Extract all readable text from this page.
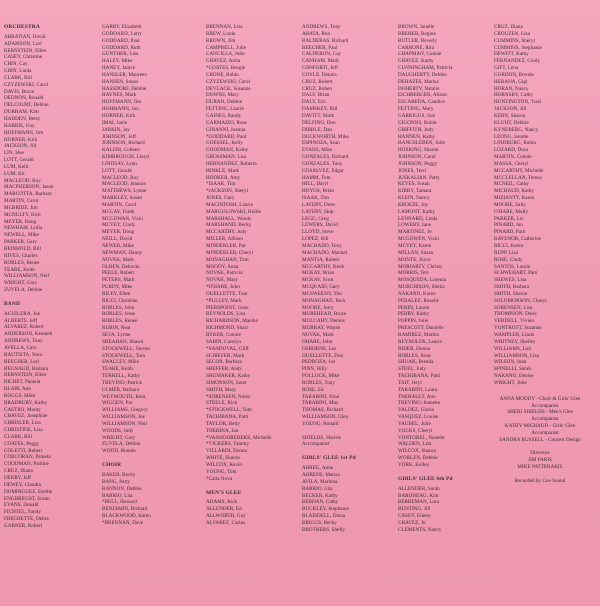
ORCHESTRA
ABBATIAN, David
ADAMSON, Lori
BERNSTEIN, Ellen
CASEY, Christine
CHIN, Cay
CHIN, Linda
CLARK, Bill
CZYZEWSKI, Carol
DAVIS, Bruce
DEDNON, Ronald
DELCOURT, Debbie
DURHAM, Kim
HADDEN, Betsy
HARRIS, Guy
HOFFMANN, Jim
HORNER, Kirk
JACKSON, Jill
LIN, Hue
LOTT, Gerald
LUM, Kelli
LUM, Kit
MACLEOD, Roy
MACPHERSON, Jason
MARCOTTA, Barbara
MARTIN, Carol
MCBRIDE, Jim
MCNULTY, Rick
MEYER, Doug
NEWHAM, Lydia
NEWELL, Mike
PARKER, Gary
REINHOLD, Bill
RIVES, Charles
ROBLES, Renee
TEARE, Keith
WILLIAMSON, Neil
WRIGHT, Gary
ZUVELA, Debbie
BAND
AGUILERA, Joe
ALBERTS, Jeff
ALVAREZ, Robert
ANDERSON, Kenneth
ANDREWS, Tony
AVELLA, Cary
BAUTISTA, Nora
BEECHER, Lori
BEGNAUD, Barbara
BERNSTEIN, Ellen
BICHET, Pamela
BLAIR, Ann
BOGGS, Mike
BRADBURY, Kathy
CASTRO, Monty
CHAVEZ, Josephine
CHRISLER, Lisa
CHRISTINE, Lisa
CLARK, Bill
COATES, Peggy
COLETTI, Robert
CORCORAN, Pamela
COODMAN, Pauline
CRUZ, Diana
DERRY, Jeff
DEWEY, Claudia
DOMINGUEZ, Estelle
ENGBRECHT, Susan
EVANS, Donald
FICHTEL, Sandy
FRECHETTE, Debra
GARNER, Robert
GARRY, Elizabeth
GODDARD, Larry
GODDARD, Paul
GODDARD, Ruth
GUNTHER, Lisa
HALEY, Mike
HANEY, Janice
HANSLER, Maureen
HANSEN, Susan
HASSDORF, Debbie
HAYNES, Mark
HOFFMANN, Jim
HOHMANN, Jon
HORNER, Kirk
IMAI, Janie
JARKIN, Jay
JOHNSON, Jeff
JOHNSON, Richard
KALISH, Colleen
KIMBROUGH, Lloyd
LINDSAY, Lynn
LOTT, Gerald
MACLEOD, Roy
MACLEOD, Jeannie
MATTHEWS, Lynne
MARKLEY, Susan
MARTIN, Carol
MCCAY, Frank
MCGOWAN, Vicki
MCVEY, Cindy
MEYER, Doug
NEILL, David
NEWER, Mike
NEWMAN, Danny
NOVAK, Mark
OLBEN, Deborah
PEELE, Robert
PETERS, Mark
PURDY, Mike
RILEY, Ellen
RICCI, Christine
ROBLES, John
ROBLES, Jesse
ROBLES, Renee
RUBIN, Neal
SEVA, Lynne
SHEAHAN, Shawn
STOCKWELL, Steven
STOCKWELL, Tom
SWALLEY, Mike
TEARE, Keith
TERRELL, Kathy
TREVINO, Patrick
ULMER, Barbara
WEYMOUTH, Kent
WIGGEN, Pat
WILLIAMS, Gregory
WILLIAMSON, Joe
WILLIAMSON, Neil
WOODS, Judy
WRIGHT, Gary
ZUVELA, Debbie
WOOD, Bonnie
CHOIR
BAKER, Becky
BANG, Patty
BANNON, Debbie
BARRIO, Lita
*BELL, Howard
BENJAMIN, Richard
BLACKWOOD, Karen
*BRENNAN, Dave
BRENNAN, Lisa
BREW, Linda
BROWN, Jim
CAMPBELL, Julie
CANCILLA, Julie
CHAVEZ, Anita
*COATES, Beegie
CRONE, Robin
CZYZEWSKI, Carol
DEVLACK, Susanne
DOWNS, Mary
DURAN, Debbie
FETTING, Laurie
GAINES, Randy
GARMAIZO, Rose
GINANNI, Joanna
*GODDARD, Paul
GOESSEL, Kelly
GOODMAN, Kathy
GROSSMAN, Lisa
HERNANDEZ, Roberta
HINKLE, Mark
HOOKER, Amy
*ISAAK, Tim
*JACKSON, Sheryl
JONES, Gary
MACINTOSH, Laurie
MARGULOWSKI, Hollie
MARSHALL, Wendy
MARSHAND, Becky
MCCARTHY, Judy
MILLER, Allison
MINDERLER, Pat
MINDERLER, Cheryl
MONAGHAN, Tom
MOODY, Anna
NOVAK, Patricia
NOVAK, Mary
*O'HARE, John
OUELLETTE, Tom
*PULLEY, Mark
PIERSPOINT, Gene
REYNOLDS, Lisa
RICHARDSON, Marsha
RICHMOND, Shari
RYKER, Connie
SABIN, Carolyn
*SANDOVAL, Cliff
SCHIEFER, Mark
SECOR, Barbara
SHEFFER, Andy
SHUMAKER, Kathy
SIMONSON, Janet
SMITH, Mary
*SORENSEN, Norm
STEELE, Rick
*STOCKWELL, Tom
TACHIBANA, Patti
TAYLOR, Betty
THERINA, Jan
*VANHOOREBEKE, Michelle
*VICKERS, Tammy
VILLARDI, Donna
WHITE, Sharon
WILCOX, Kevin
YOUNG, Tom
*Catia Nova
MEN'S GLEE
ADAMS, Rick
ALLENDER, Ed
ALLWORTH, Guy
ALVAREZ, Carlos
ANDREWS, Tony
ARATA, Ron
BALDERAS, Richard
BEECHER, Paul
CALDERON, Cay
CANHAM, Mark
CONFORTI, Jeff
COYLE, Dennis
CRUZ, Robert
CRUZ, Ruben
DALY, Brian
DALY, Eric
DAMSKEY, Bill
DAVITT, Mark
DELFINO, Don
DIBBLE, Dan
DUCKWORTH, Mike
ESPINOZA, Sean
EVANS, Mike
GONZALES, Richard
GONZALES, Tony
GOSALVEZ, Edgar
HAMM, Tom
HILL, Daryl
HOYOS, Brian
ISAAK, Tim
LAVERY, Drew
LAVERY, Skip
LEGG, Greg
LEWERS, David
LLOYD, Steve
LOPEZ, Bill
MACHADO, Tony
MACHADO, Manuel
MANTIA, Robert
MCCARTHY, Keith
MCKAY, Brian
MCKAY, Scott
MCQUAID, Gary
MCSWEENY, Tim
MONAGHAN, Rich
MOORE, Jerry
MUREHEAD, Bruce
MULCAHY, Dennis
MURRAY, Wayne
NOVAK, Mark
OHARE, John
OSBORNE, Les
OUELLETTE, Don
PEDROZA, Joe
PINN, Billy
POLLOCK, Mike
ROBLES, Tony
ROSE, Ed
TARABINI, Nino
TARABINI, Max
THOMAS, Richard
WILLIAMSON, Glen
YOUNG, Ronald

SHIELDS, Sherrie
Accompanist
GIRLS' GLEE 1st Pd
ABREU, Anne
AHRENS, Marisa
AVILA, Marlena
BARRIO, Lita
BECKER, Kathy
BERDAN, Cathy
BUCKLEY, Stephanie
BLAISDELL, Diana
BRIGGS, Becky
BROTHERS, Shelly
BROWN, Janelle
BREHER, Regina
BUTLER, Beverly
CARBONE, Rita
CHAPMAN, Connie
CHAVEZ, Kathy
CUNNINGHAM, Patricia
DAUGHERTY, Debbie
DEHAZES, Marisa
DOHERTY, Natalie
EICHBERGER, Alison
ESCAREDA, Candice
FETTING, Mary
GARRIGUS, Sue
GIGONNS, Robin
GRIFFITH, Judy
HANNEN, Kathy
HANGSLEBEN, Julie
HOSKING, Sharon
JOHNSON, Carol
JOHNSON, Peggy
JONES, Terri
JUSKALIAN, Patty
KEYES, Susan
KIRBY, Tamara
KLEIN, Nancy
KROEZE, Joy
LAMONT, Kathy
LENNARD, Linda
LOWERY, Jane
MARTINEZ, Jo
MCGOWEN, Vicki
MCVEY, Karen
MILLAN, Susan
MONTE, Joyce
MORIARTY, Christy
MORRIS, Teri
MOSQUEDA, Lorenia
MURCHISON, Sheila
NAKANO, Karen
PERALEZ, Rosalie
PERIN, Laurie
PERRY, Kathy
POPPIN, Julie
PRESCOTT, Danielle
RAMIREZ, Martha
REYNOLDS, Laurie
RIDER, Donna
ROBLES, Rose
SHUAK, Brenda
STEEL, Judy
TACHIBANA, Patti
TAIT, Jeryl
TARABINI, Laura
THERAULT, Ann
TREVINO, Jeanette
VALDEZ, Gloria
VASQUEZ, Louise
VAUBEL, Julie
VOCKS, Cheryl
VONTOBEL, Nanette
WALDEN, Lisa
WILCOX, Sharon
WORLEN, Debbie
YORK, Kelley
GIRLS' GLEE 6th Pd
ALLENDER, Sarah
BARONEAU, Kim
BERREMAN, Lora
BUNTING, Jill
CASEY, Eileen
CHAVEZ, Jo
CLEMENTS, Nancy
CRUZ, Diana
CROUZEN, Lisa
CUMMINS, Sheryl
CUMMINS, Stephanie
DEWITT, Kathy
FERNANDEZ, Cindy
GIFT, Lena
GORDON, Brenda
HERANA, Gigi
HORAN, Nancy
HORNSBY, Cathy
HUNTINGTON, Traci
JACKSON, Jill
KERN, Sharon
KLUHT, Debbie
KYNEBERG, Nancy
LEONG, Sandie
LINDBURG, Robin
LOZARD, Dora
MARTIN, Connie
MASSA, Cheryl
MCCARTHY, Michelle
MCCLELLAN, Teresa
MCNEIL, Cathy
MICHAUD, Kathy
MIZIANTY, Karen
MOORE, Sally
O'HARE, Molly
PARKER, Liz
PINARD, Jan
PINARD, Patti
RAVENOR, Catherine
RICCI, Karen
RUPP, Lisa
ROSE, Cindy
SANTOS, Laurie
SCHWEHART, Pam
SHEWES, Lisa
SMITH, Barbara
SMITH, Sharon
SOLOMONSON, Cheryl
SORENSEN, Lisa
THOMPSON, Doris
VERDELL, Vivien
VONTROTT, Suzanne
WAMPLER, Linda
WHITNEY, Shelley
WILLIAMS, Loli
WILLIAMSON, Lisa
WILSON, Joan
SPINELLI, Sarah
NAKANO, Denise
WRIGHT, Julie
ANNA MOODY - Choir & Girls' Glee
Accompanist
SHERI SHIELDS - Men's Glee
Accompanist
KATHY MICHAUD - Girls' Glee
Accompanist
SANDRA RUSSELL - Concert Design

Directors
JIM PARIS
MIKE PATTERAKIS

Recorded by Coe Sound
